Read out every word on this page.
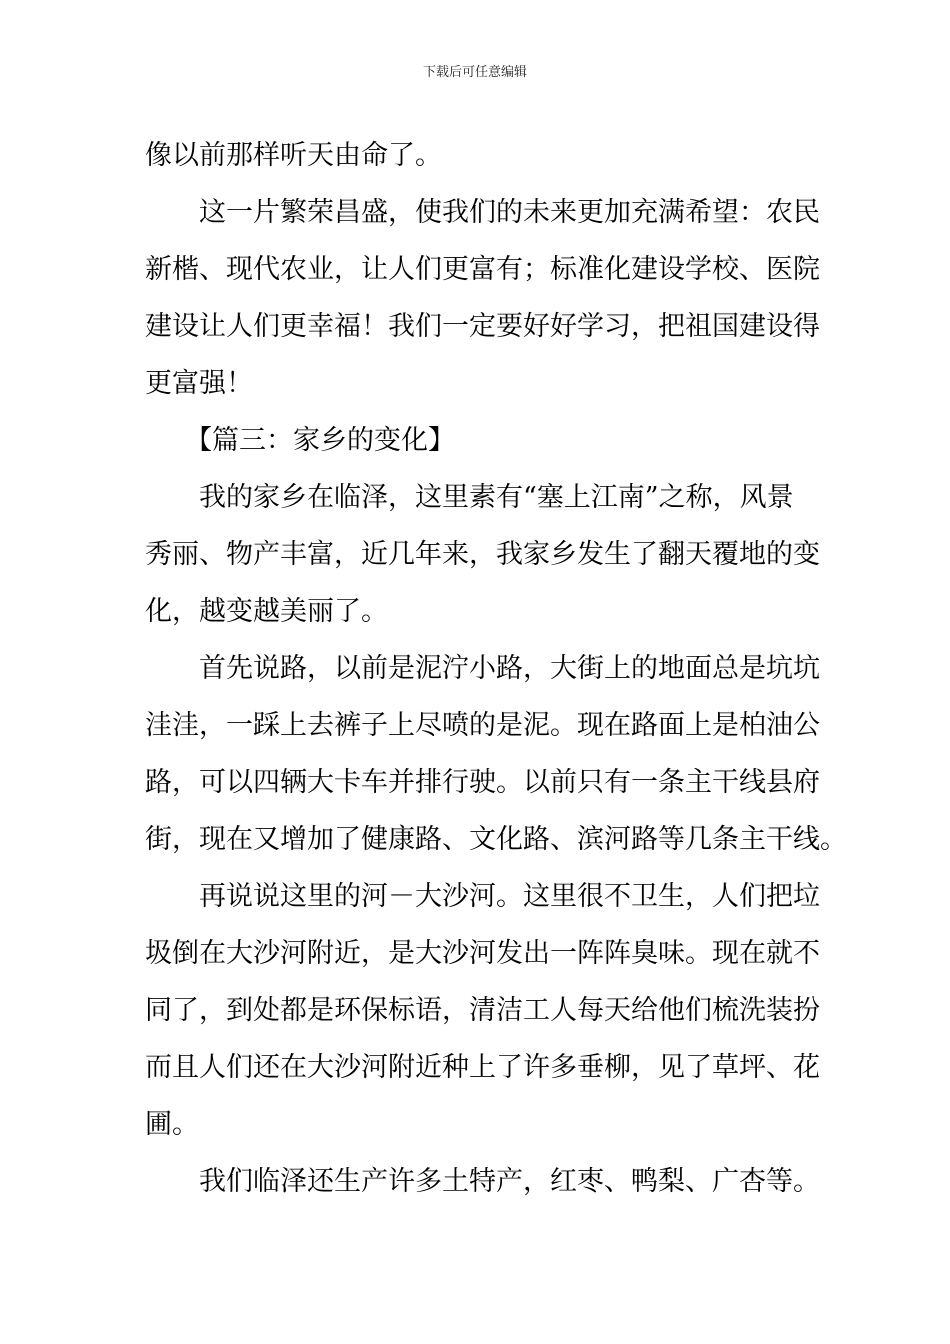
下载后可任意编辑
像以前那样听天由命了。
这一片繁荣昌盛，使我们的未来更加充满希望：农民
新楷、现代农业，让人们更富有；标准化建设学校、医院
建设让人们更幸福！我们一定要好好学习，把祖国建设得
更富强！
【篇三：家乡的变化】
我的家乡在临泽，这里素有“塞上江南”之称，风景
秀丽、物产丰富，近几年来，我家乡发生了翻天覆地的变
化，越变越美丽了。
首先说路，以前是泥泞小路，大街上的地面总是坑坑
洼洼，一踩上去裤子上尽喷的是泥。现在路面上是柏油公
路，可以四辆大卡车并排行驶。以前只有一条主干线县府
街，现在又增加了健康路、文化路、滨河路等几条主干线。
再说说这里的河－大沙河。这里很不卫生，人们把垃
圾倒在大沙河附近，是大沙河发出一阵阵臭味。现在就不
同了，到处都是环保标语，清洁工人每天给他们梳洗装扮
而且人们还在大沙河附近种上了许多垂柳，见了草坪、花
圃。
我们临泽还生产许多土特产，红枣、鸭梨、广杏等。
